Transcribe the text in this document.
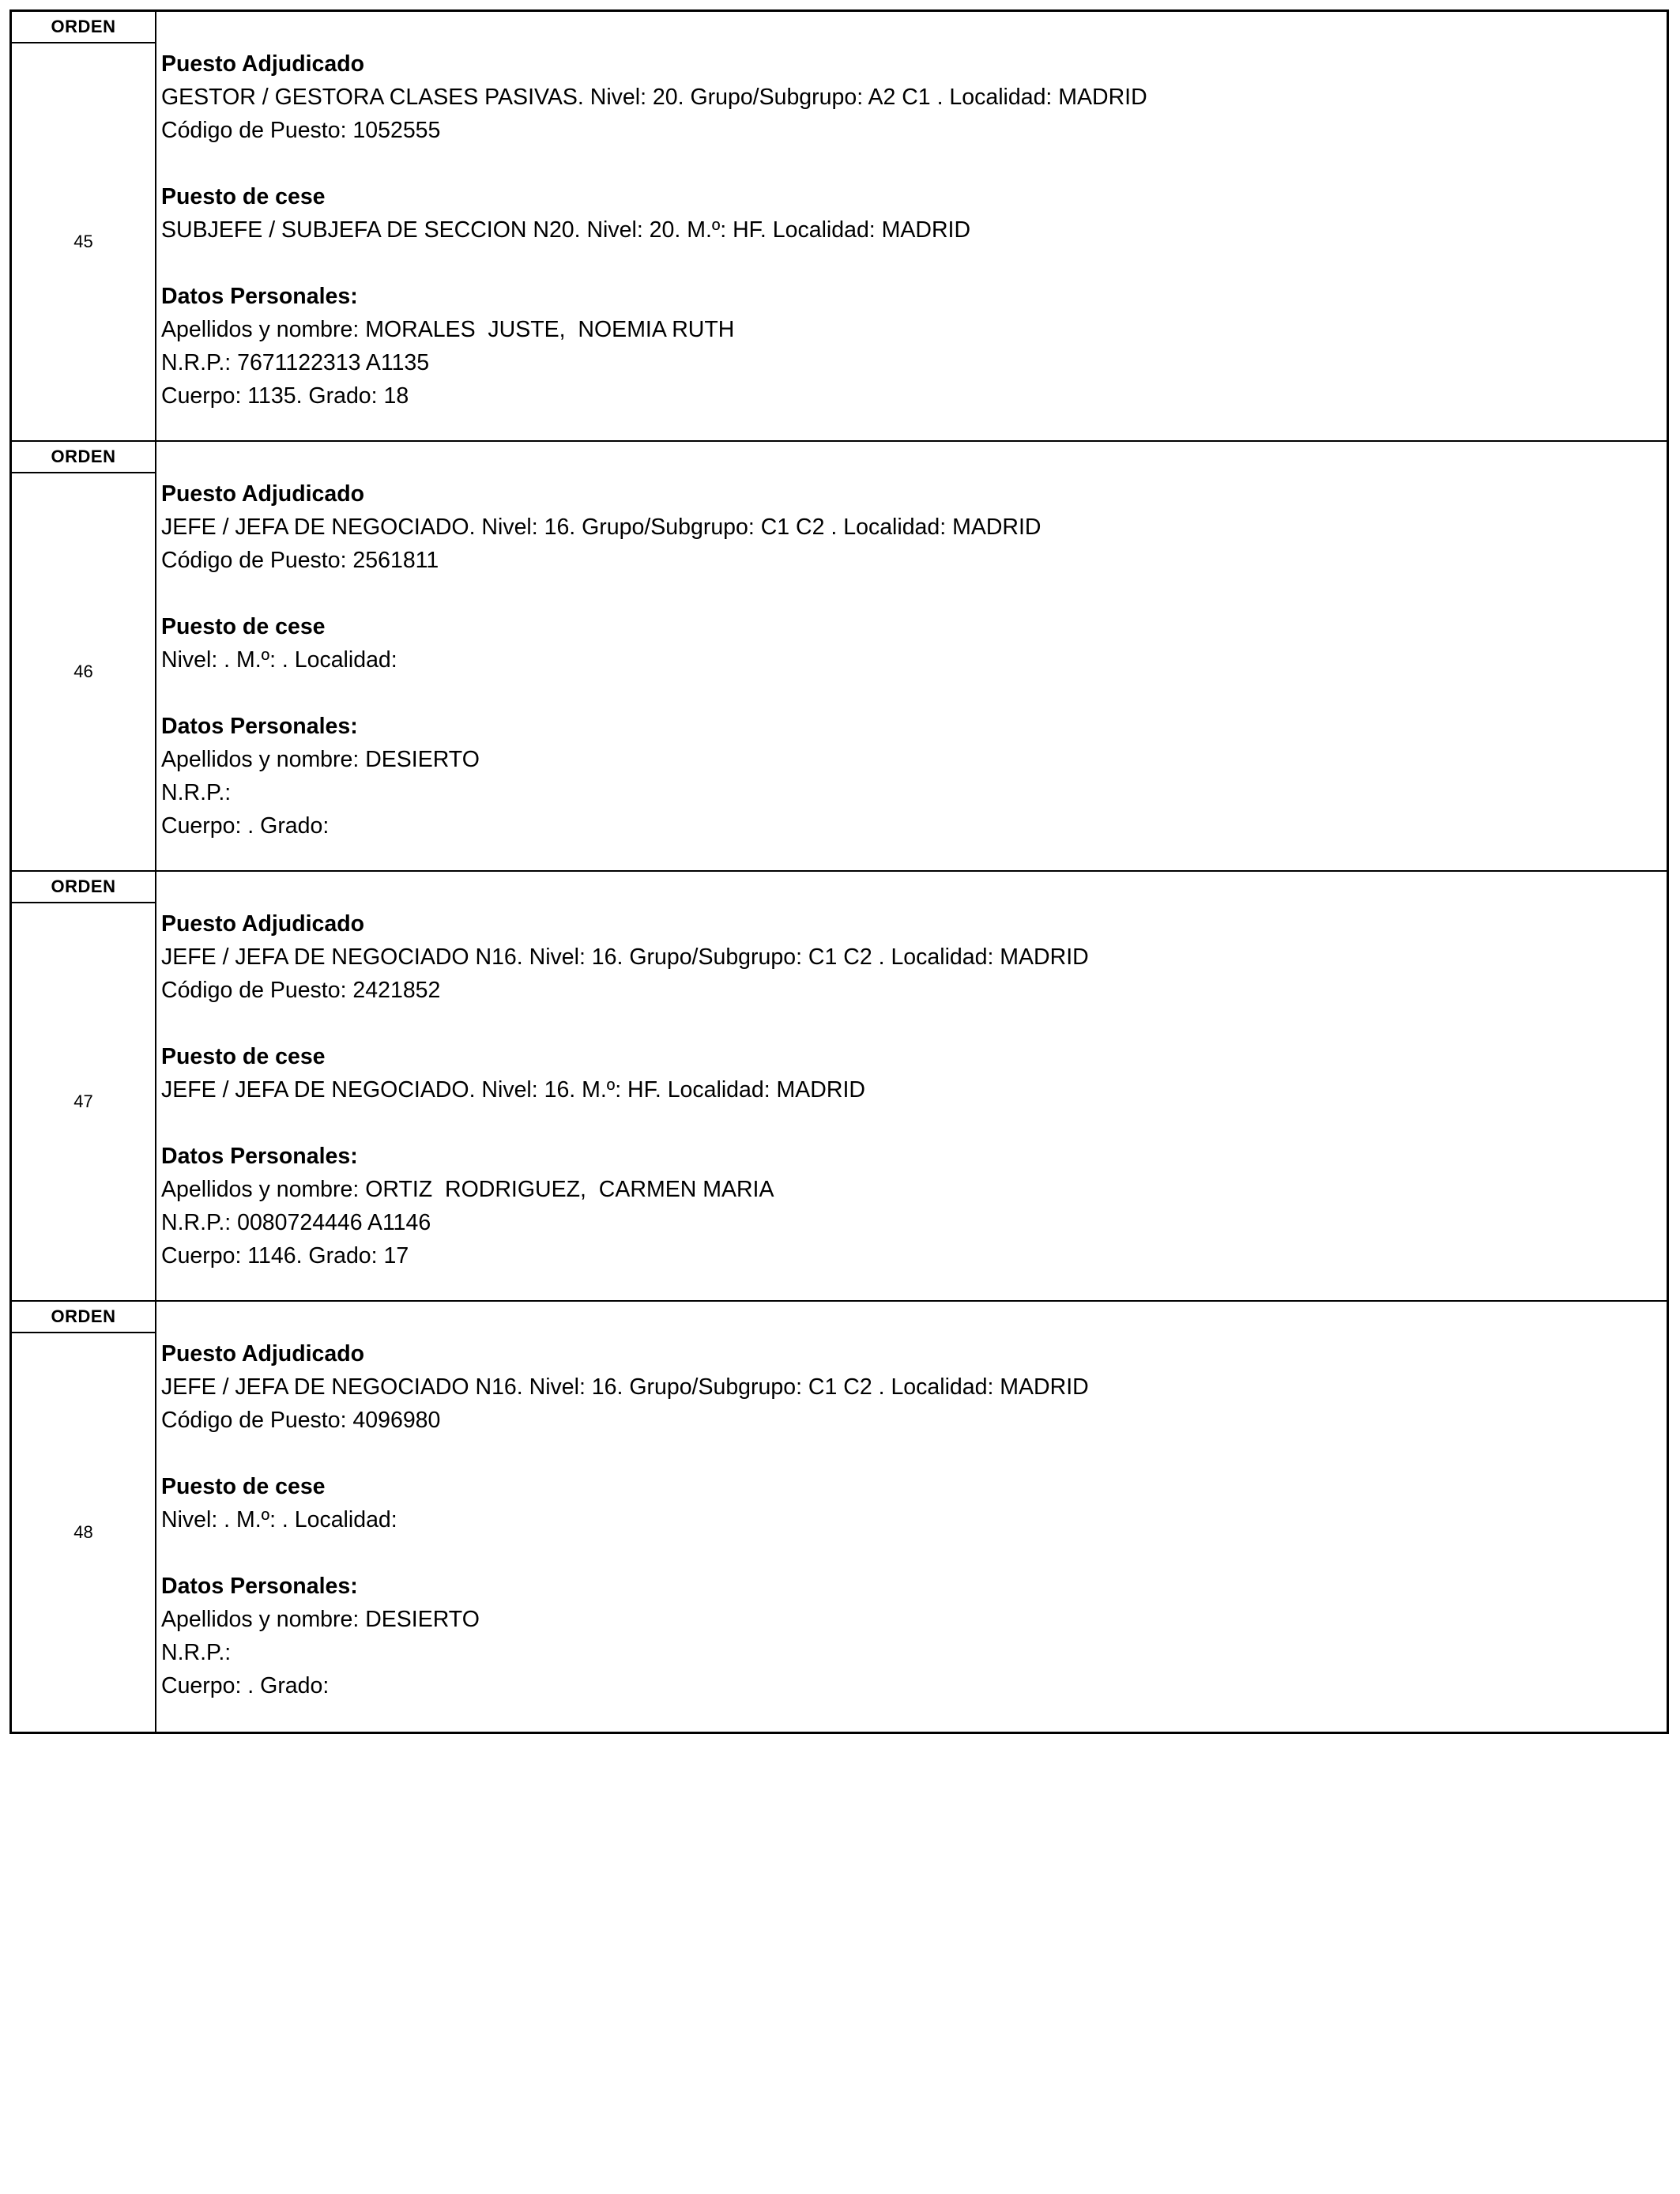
ORDEN
45
Puesto Adjudicado
GESTOR / GESTORA CLASES PASIVAS. Nivel: 20. Grupo/Subgrupo: A2 C1 . Localidad: MADRID
Código de Puesto: 1052555
Puesto de cese
SUBJEFE / SUBJEFA DE SECCION N20. Nivel: 20. M.º: HF. Localidad: MADRID
Datos Personales:
Apellidos y nombre: MORALES  JUSTE,  NOEMIA RUTH
N.R.P.: 7671122313 A1135
Cuerpo: 1135. Grado: 18
ORDEN
46
Puesto Adjudicado
JEFE / JEFA DE NEGOCIADO. Nivel: 16. Grupo/Subgrupo: C1 C2 . Localidad: MADRID
Código de Puesto: 2561811
Puesto de cese
Nivel: . M.º: . Localidad:
Datos Personales:
Apellidos y nombre: DESIERTO
N.R.P.:
Cuerpo: . Grado:
ORDEN
47
Puesto Adjudicado
JEFE / JEFA DE NEGOCIADO N16. Nivel: 16. Grupo/Subgrupo: C1 C2 . Localidad: MADRID
Código de Puesto: 2421852
Puesto de cese
JEFE / JEFA DE NEGOCIADO. Nivel: 16. M.º: HF. Localidad: MADRID
Datos Personales:
Apellidos y nombre: ORTIZ  RODRIGUEZ,  CARMEN MARIA
N.R.P.: 0080724446 A1146
Cuerpo: 1146. Grado: 17
ORDEN
48
Puesto Adjudicado
JEFE / JEFA DE NEGOCIADO N16. Nivel: 16. Grupo/Subgrupo: C1 C2 . Localidad: MADRID
Código de Puesto: 4096980
Puesto de cese
Nivel: . M.º: . Localidad:
Datos Personales:
Apellidos y nombre: DESIERTO
N.R.P.:
Cuerpo: . Grado:
